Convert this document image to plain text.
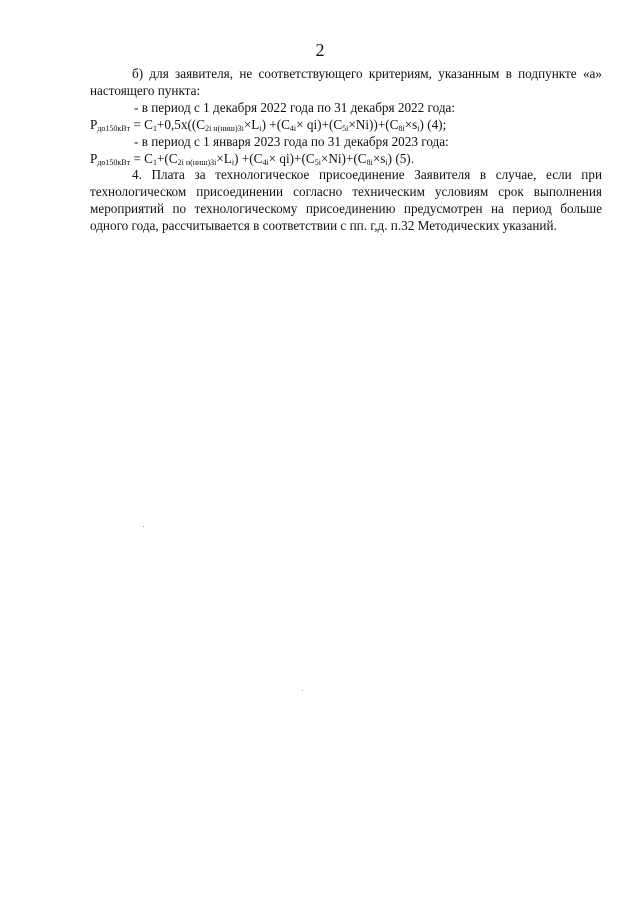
2

б) для заявителя, не соответствующего критериям, указанным в подпункте «а»

настоящего пункта:

- в период с 1 декабря 2022 года по 31 декабря 2022 года:

$P_{до150кВт} = C_1+0,5х((C_{2i н(ниш)3i}\times L_i) +(C_{4i}\times qi)+(C_{5i}\times Ni))+(C_{8i}\times s_i)$ (4);

- в период с 1 января 2023 года по 31 декабря 2023 года:

$P_{до150кВт} = C_1+(C_{2i н(ниш)3i}\times L_i) +(C_{4i}\times qi)+(C_{5i}\times Ni)+(C_{8i}\times s_i)$ (5).

4. Плата за технологическое присоединение Заявителя в случае, если при технологическом присоединении согласно техническим условиям срок выполнения мероприятий по технологическому присоединению предусмотрен на период больше одного года, рассчитывается в соответствии с пп. г,д. п.32 Методических указаний.
